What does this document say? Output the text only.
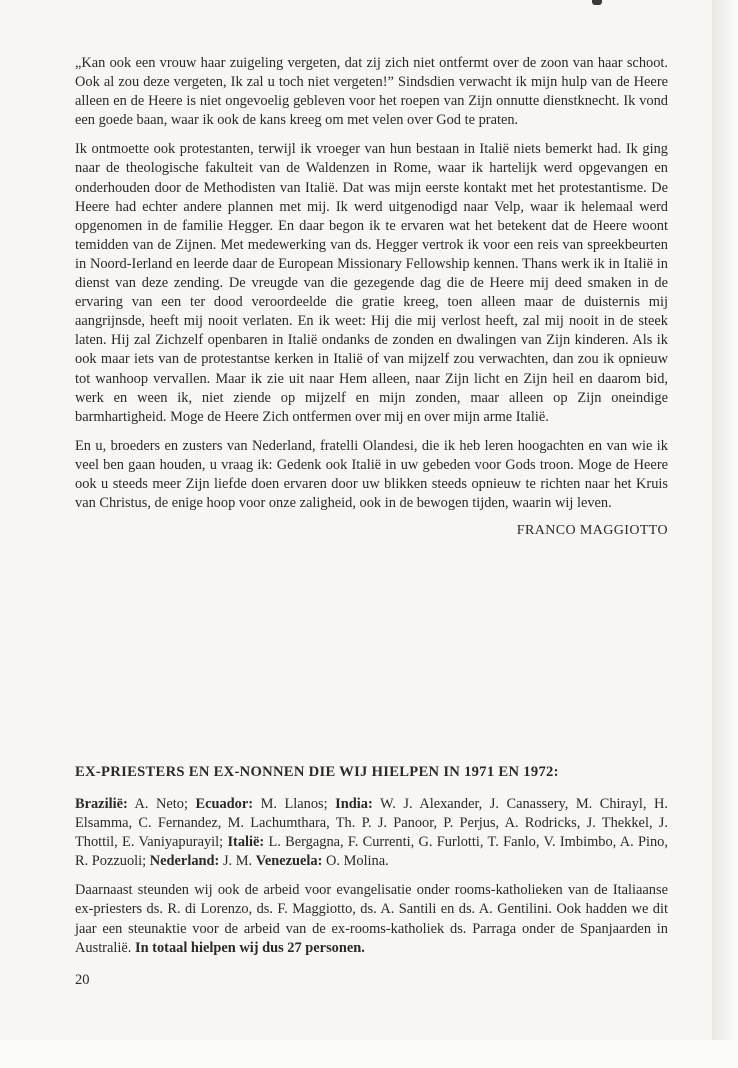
„Kan ook een vrouw haar zuigeling vergeten, dat zij zich niet ontfermt over de zoon van haar schoot. Ook al zou deze vergeten, Ik zal u toch niet vergeten!” Sindsdien verwacht ik mijn hulp van de Heere alleen en de Heere is niet ongevoelig gebleven voor het roepen van Zijn onnutte dienstknecht. Ik vond een goede baan, waar ik ook de kans kreeg om met velen over God te praten.

Ik ontmoette ook protestanten, terwijl ik vroeger van hun bestaan in Italië niets bemerkt had. Ik ging naar de theologische fakulteit van de Waldenzen in Rome, waar ik hartelijk werd opgevangen en onderhouden door de Methodisten van Italië. Dat was mijn eerste kontakt met het protestantisme. De Heere had echter andere plannen met mij. Ik werd uitgenodigd naar Velp, waar ik helemaal werd opgenomen in de familie Hegger. En daar begon ik te ervaren wat het betekent dat de Heere woont temidden van de Zijnen. Met medewerking van ds. Hegger vertrok ik voor een reis van spreekbeurten in Noord-Ierland en leerde daar de European Missionary Fellowship kennen. Thans werk ik in Italië in dienst van deze zending. De vreugde van die gezegende dag die de Heere mij deed smaken in de ervaring van een ter dood veroordeelde die gratie kreeg, toen alleen maar de duisternis mij aangrijnsde, heeft mij nooit verlaten. En ik weet: Hij die mij verlost heeft, zal mij nooit in de steek laten. Hij zal Zichzelf openbaren in Italië ondanks de zonden en dwalingen van Zijn kinderen. Als ik ook maar iets van de protestantse kerken in Italië of van mijzelf zou verwachten, dan zou ik opnieuw tot wanhoop vervallen. Maar ik zie uit naar Hem alleen, naar Zijn licht en Zijn heil en daarom bid, werk en ween ik, niet ziende op mijzelf en mijn zonden, maar alleen op Zijn oneindige barmhartigheid. Moge de Heere Zich ontfermen over mij en over mijn arme Italië.

En u, broeders en zusters van Nederland, fratelli Olandesi, die ik heb leren hoogachten en van wie ik veel ben gaan houden, u vraag ik: Gedenk ook Italië in uw gebeden voor Gods troon. Moge de Heere ook u steeds meer Zijn liefde doen ervaren door uw blikken steeds opnieuw te richten naar het Kruis van Christus, de enige hoop voor onze zaligheid, ook in de bewogen tijden, waarin wij leven.

FRANCO MAGGIOTTO
EX-PRIESTERS EN EX-NONNEN DIE WIJ HIELPEN IN 1971 EN 1972:

Brazilië: A. Neto; Ecuador: M. Llanos; India: W. J. Alexander, J. Canassery, M. Chirayl, H. Elsamma, C. Fernandez, M. Lachumthara, Th. P. J. Panoor, P. Perjus, A. Rodricks, J. Thekkel, J. Thottil, E. Vaniyapurayil; Italië: L. Bergagna, F. Currenti, G. Furlotti, T. Fanlo, V. Imbimbo, A. Pino, R. Pozzuoli; Nederland: J. M. Venezuela: O. Molina.

Daarnaast steunden wij ook de arbeid voor evangelisatie onder rooms-katholieken van de Italiaanse ex-priesters ds. R. di Lorenzo, ds. F. Maggiotto, ds. A. Santili en ds. A. Gentilini. Ook hadden we dit jaar een steunaktie voor de arbeid van de ex-rooms-katholiek ds. Parraga onder de Spanjaarden in Australië. In totaal hielpen wij dus 27 personen.

20
